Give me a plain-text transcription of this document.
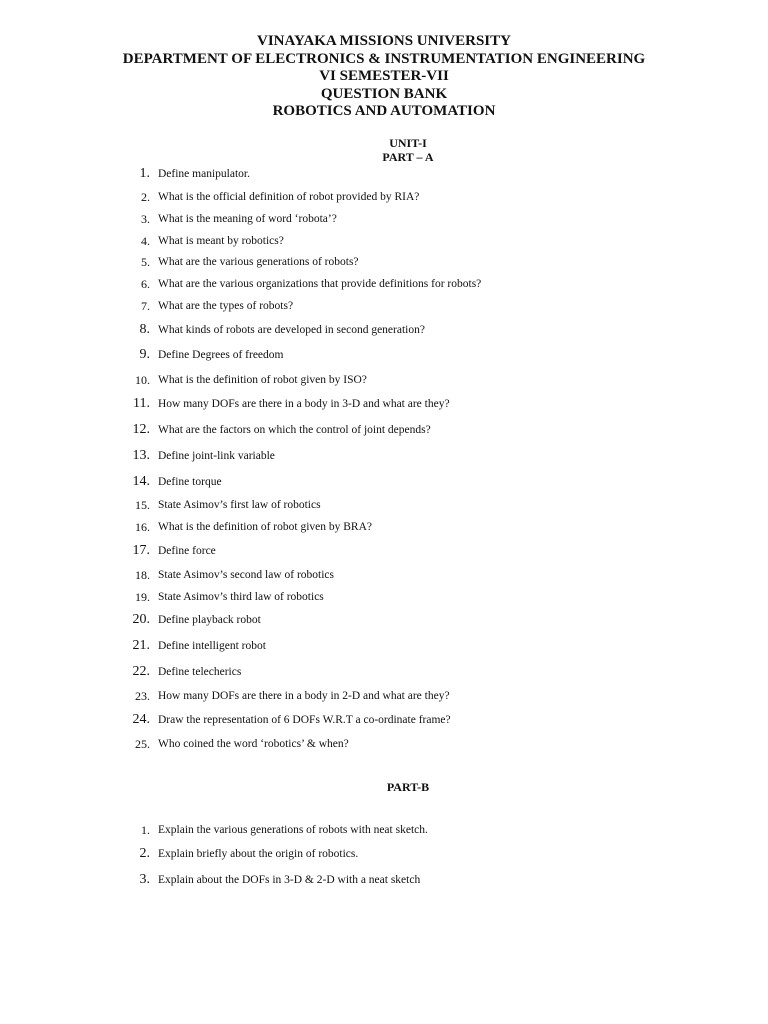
VINAYAKA MISSIONS UNIVERSITY
DEPARTMENT OF ELECTRONICS & INSTRUMENTATION ENGINEERING
VI SEMESTER-VII
QUESTION BANK
ROBOTICS AND AUTOMATION
UNIT-I
PART – A
1. Define manipulator.
2. What is the official definition of robot provided by RIA?
3. What is the meaning of word ‘robota’?
4. What is meant by robotics?
5. What are the various generations of robots?
6. What are the various organizations that provide definitions for robots?
7. What are the types of robots?
8. What kinds of robots are developed in second generation?
9. Define Degrees of freedom
10. What is the definition of robot given by ISO?
11. How many DOFs are there in a body in 3-D and what are they?
12. What are the factors on which the control of joint depends?
13. Define joint-link variable
14. Define torque
15. State Asimov’s first law of robotics
16. What is the definition of robot given by BRA?
17. Define force
18. State Asimov’s second law of robotics
19. State Asimov’s third law of robotics
20. Define playback robot
21. Define intelligent robot
22. Define telecherics
23. How many DOFs are there in a body in 2-D and what are they?
24. Draw the representation of 6 DOFs W.R.T a co-ordinate frame?
25. Who coined the word ‘robotics’ & when?
PART-B
1. Explain the various generations of robots with neat sketch.
2. Explain briefly about the origin of robotics.
3. Explain about the DOFs in 3-D & 2-D with a neat sketch
